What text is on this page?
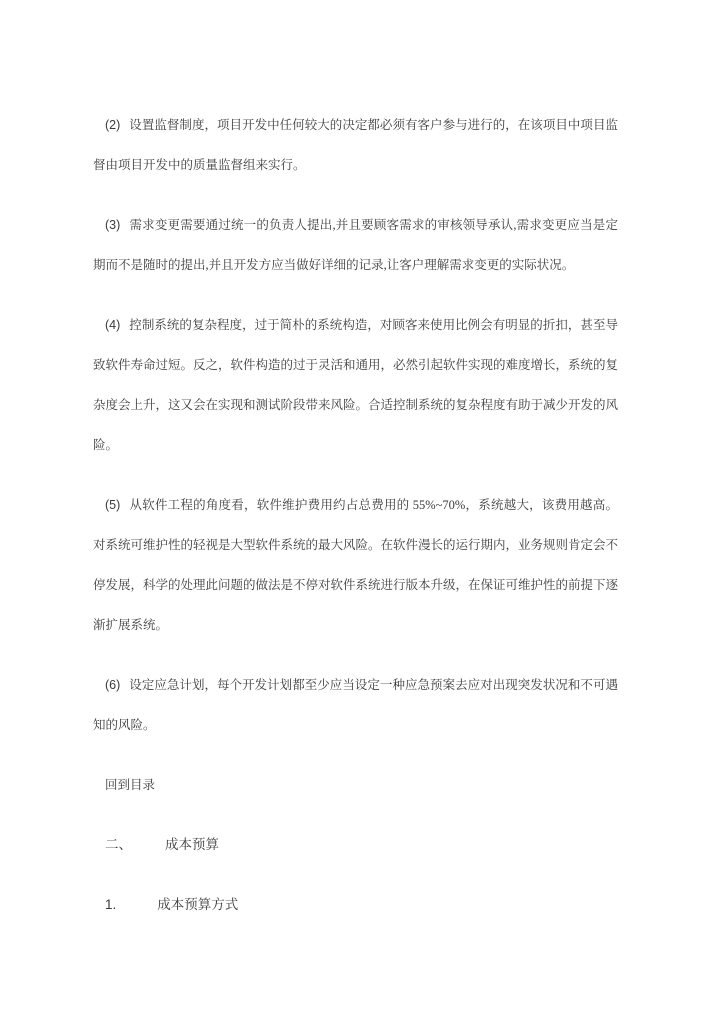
(2) 设置监督制度，项目开发中任何较大的决定都必须有客户参与进行的，在该项目中项目监督由项目开发中的质量监督组来实行。

(3) 需求变更需要通过统一的负责人提出,并且要顾客需求的审核领导承认,需求变更应当是定期而不是随时的提出,并且开发方应当做好详细的记录,让客户理解需求变更的实际状况。

(4) 控制系统的复杂程度，过于简朴的系统构造，对顾客来使用比例会有明显的折扣，甚至导致软件寿命过短。反之，软件构造的过于灵活和通用，必然引起软件实现的难度增长，系统的复杂度会上升，这又会在实现和测试阶段带来风险。合适控制系统的复杂程度有助于减少开发的风险。

(5) 从软件工程的角度看，软件维护费用约占总费用的 55%~70%，系统越大，该费用越高。对系统可维护性的轻视是大型软件系统的最大风险。在软件漫长的运行期内，业务规则肯定会不停发展，科学的处理此问题的做法是不停对软件系统进行版本升级，在保证可维护性的前提下逐渐扩展系统。

(6) 设定应急计划，每个开发计划都至少应当设定一种应急预案去应对出现突发状况和不可遇知的风险。

回到目录

二、 成本预算

1.	成本预算方式
